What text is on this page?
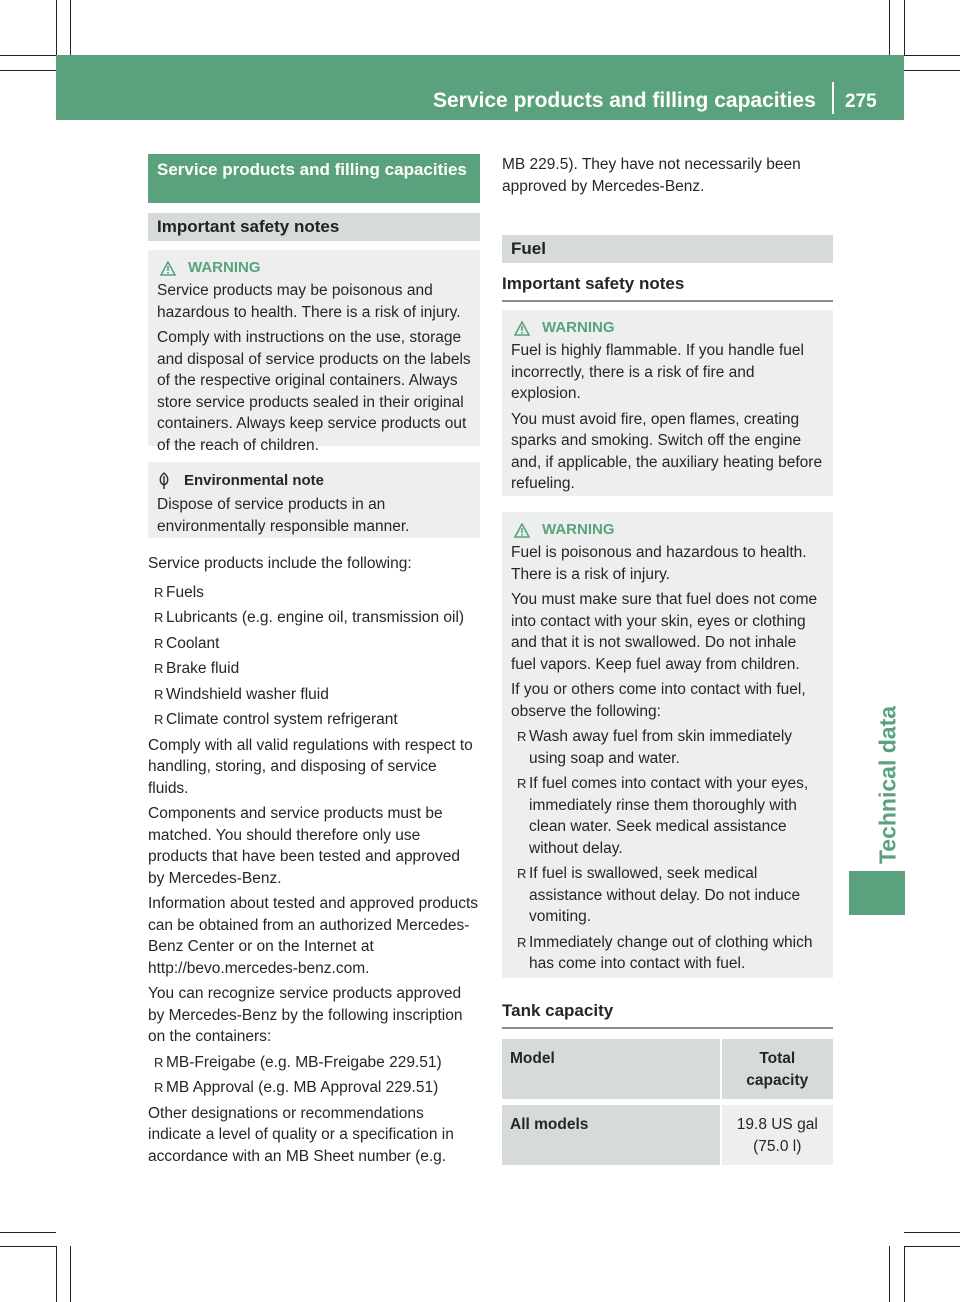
Service products and filling capacities 275
Technical data
Service products and filling capacities
Important safety notes
WARNING

Service products may be poisonous and hazardous to health. There is a risk of injury.

Comply with instructions on the use, storage and disposal of service products on the labels of the respective original containers. Always store service products sealed in their original containers. Always keep service products out of the reach of children.

Environmental note

Dispose of service products in an environmentally responsible manner.

Service products include the following:

R Fuels
R Lubricants (e.g. engine oil, transmission oil)
R Coolant
R Brake fluid
R Windshield washer fluid
R Climate control system refrigerant

Comply with all valid regulations with respect to handling, storing, and disposing of service fluids.

Components and service products must be matched. You should therefore only use products that have been tested and approved by Mercedes-Benz.

Information about tested and approved products can be obtained from an authorized Mercedes-Benz Center or on the Internet at http://bevo.mercedes-benz.com.

You can recognize service products approved by Mercedes-Benz by the following inscription on the containers:

R MB-Freigabe (e.g. MB-Freigabe 229.51)
R MB Approval (e.g. MB Approval 229.51)

Other designations or recommendations indicate a level of quality or a specification in accordance with an MB Sheet number (e.g.

MB 229.5). They have not necessarily been approved by Mercedes-Benz.

Fuel
Important safety notes
WARNING

Fuel is highly flammable. If you handle fuel incorrectly, there is a risk of fire and explosion.

You must avoid fire, open flames, creating sparks and smoking. Switch off the engine and, if applicable, the auxiliary heating before refueling.

WARNING

Fuel is poisonous and hazardous to health. There is a risk of injury.

You must make sure that fuel does not come into contact with your skin, eyes or clothing and that it is not swallowed. Do not inhale fuel vapors. Keep fuel away from children.

If you or others come into contact with fuel, observe the following:

R Wash away fuel from skin immediately using soap and water.
R If fuel comes into contact with your eyes, immediately rinse them thoroughly with clean water. Seek medical assistance without delay.
R If fuel is swallowed, seek medical assistance without delay. Do not induce vomiting.
R Immediately change out of clothing which has come into contact with fuel.
Tank capacity
Model		Total capacity

All models		19.8 US gal (75.0 l)
